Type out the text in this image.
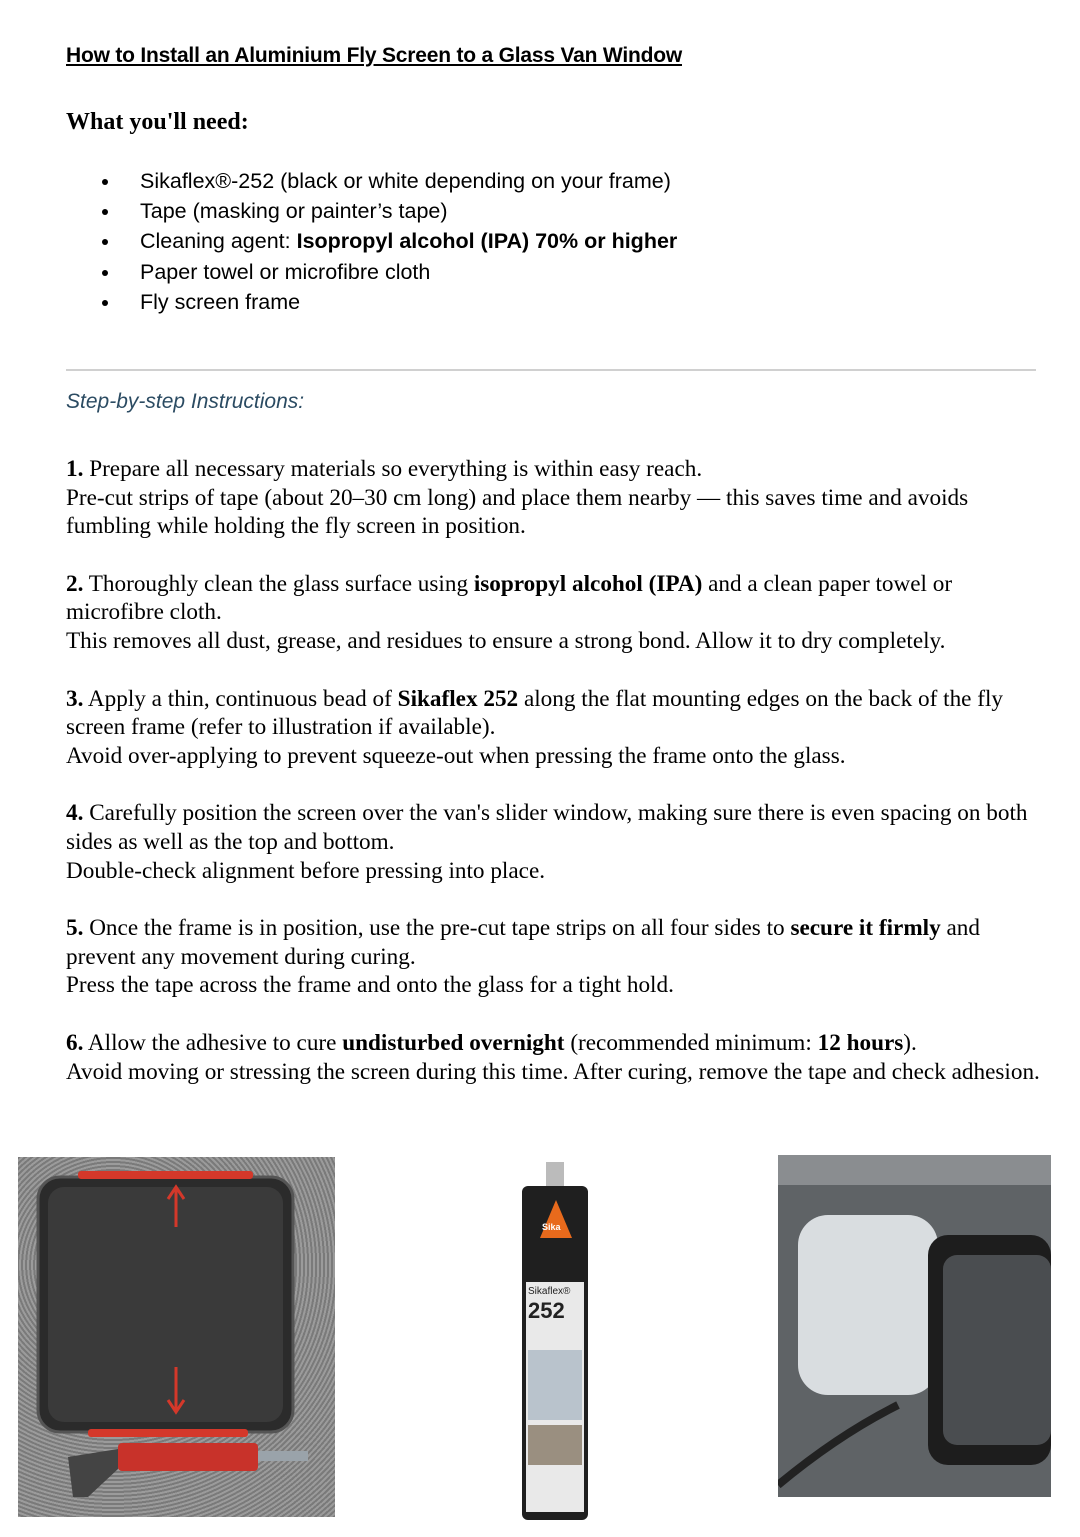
How to Install an Aluminium Fly Screen to a Glass Van Window
What you'll need:
Sikaflex®-252 (black or white depending on your frame)
Tape (masking or painter’s tape)
Cleaning agent: Isopropyl alcohol (IPA) 70% or higher
Paper towel or microfibre cloth
Fly screen frame
Step-by-step Instructions:

1. Prepare all necessary materials so everything is within easy reach.

Pre-cut strips of tape (about 20–30 cm long) and place them nearby — this saves time and avoids fumbling while holding the fly screen in position.

2. Thoroughly clean the glass surface using isopropyl alcohol (IPA) and a clean paper towel or microfibre cloth.

This removes all dust, grease, and residues to ensure a strong bond. Allow it to dry completely.

3. Apply a thin, continuous bead of Sikaflex 252 along the flat mounting edges on the back of the fly screen frame (refer to illustration if available).

Avoid over-applying to prevent squeeze-out when pressing the frame onto the glass.

4. Carefully position the screen over the van's slider window, making sure there is even spacing on both sides as well as the top and bottom.

Double-check alignment before pressing into place.

5. Once the frame is in position, use the pre-cut tape strips on all four sides to secure it firmly and prevent any movement during curing.

Press the tape across the frame and onto the glass for a tight hold.

6. Allow the adhesive to cure undisturbed overnight (recommended minimum: 12 hours).

Avoid moving or stressing the screen during this time. After curing, remove the tape and check adhesion.

Sika
Sikaflex®
252
